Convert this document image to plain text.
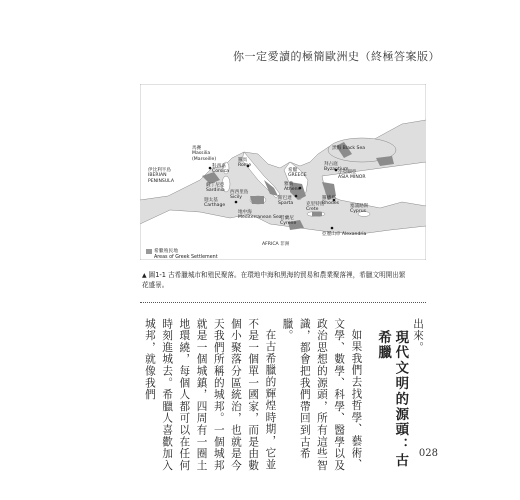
你一定愛讀的極簡歐洲史（終極答案版）
馬賽
Massilia
(Marseille)
科西嘉
Corsica
羅馬
Rome
薩丁尼亞
Sardinia
迦太基
Carthage
西西里島
Sicily
伊比利半島
IBERIAN
PENINSULA
黑海 Black Sea
拜占庭
Byzantium
希臘
GREECE
雅典
Athens
斯巴達
Sparta
小亞細亞
ASIA MINOR
羅德島
Rhodes
克里特島
Crete
塞浦路斯
Cyprus
地中海
Mediterranean Sea
昔蘭尼
Cyrene
亞歷山卓 Alexandria
AFRICA 非洲
希臘殖民地
Areas of Greek Settlement
▲ 圖1-1 古希臘城市和殖民聚落。在環地中海和黑海的貿易和農業聚落裡，希臘文明開出繁花盛景。

出來。

現代文明的源頭：古希臘

如果我們去找哲學、藝術、文學、數學、科學、醫學以及政治思想的源頭，所有這些智識，都會把我們帶回到古希臘。

在古希臘的輝煌時期，它並不是一個單一國家，而是由數個小聚落分區統治，也就是今天我們所稱的城邦。一個城邦就是一個城鎮，四周有一圈土地環繞，每個人都可以在任何時刻進城去。希臘人喜歡加入城邦，就像我們

028
